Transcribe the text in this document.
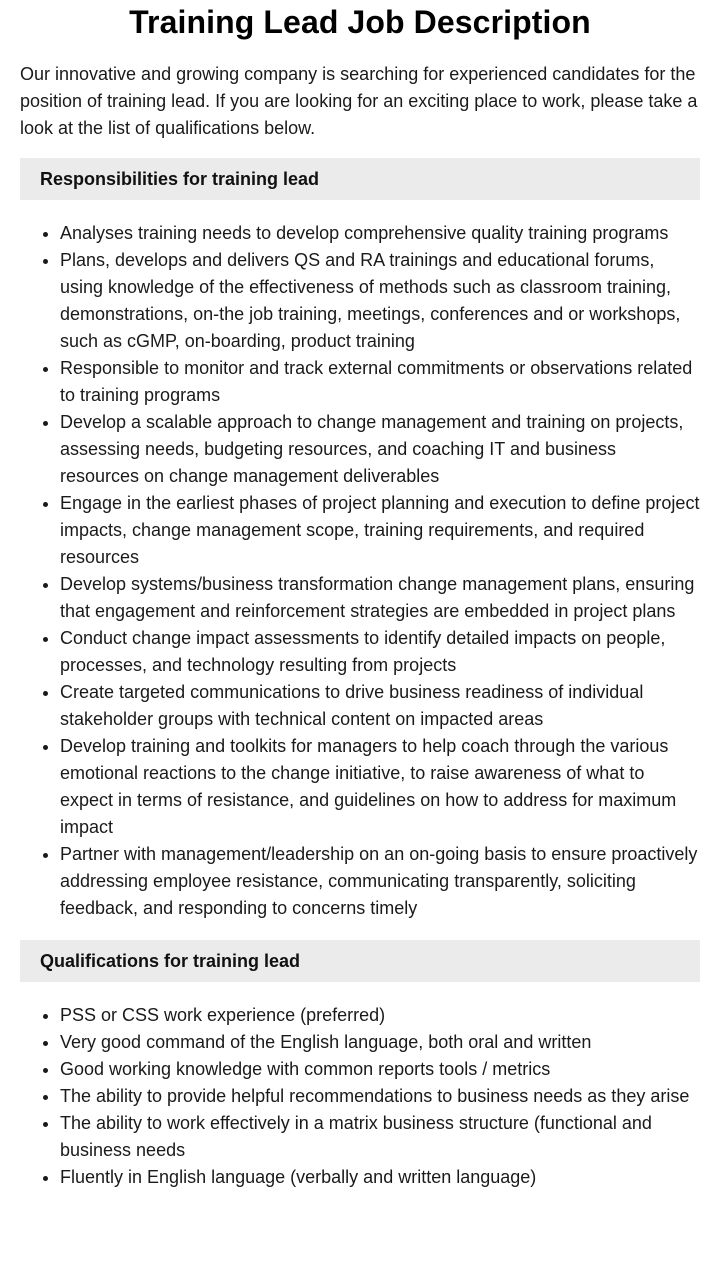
Training Lead Job Description

Our innovative and growing company is searching for experienced candidates for the position of training lead. If you are looking for an exciting place to work, please take a look at the list of qualifications below.

Responsibilities for training lead
• Analyses training needs to develop comprehensive quality training programs
• Plans, develops and delivers QS and RA trainings and educational forums, using knowledge of the effectiveness of methods such as classroom training, demonstrations, on-the job training, meetings, conferences and or workshops, such as cGMP, on-boarding, product training
• Responsible to monitor and track external commitments or observations related to training programs
• Develop a scalable approach to change management and training on projects, assessing needs, budgeting resources, and coaching IT and business resources on change management deliverables
• Engage in the earliest phases of project planning and execution to define project impacts, change management scope, training requirements, and required resources
• Develop systems/business transformation change management plans, ensuring that engagement and reinforcement strategies are embedded in project plans
• Conduct change impact assessments to identify detailed impacts on people, processes, and technology resulting from projects
• Create targeted communications to drive business readiness of individual stakeholder groups with technical content on impacted areas
• Develop training and toolkits for managers to help coach through the various emotional reactions to the change initiative, to raise awareness of what to expect in terms of resistance, and guidelines on how to address for maximum impact
• Partner with management/leadership on an on-going basis to ensure proactively addressing employee resistance, communicating transparently, soliciting feedback, and responding to concerns timely
Qualifications for training lead
• PSS or CSS work experience (preferred)
• Very good command of the English language, both oral and written
• Good working knowledge with common reports tools / metrics
• The ability to provide helpful recommendations to business needs as they arise
• The ability to work effectively in a matrix business structure (functional and business needs
• Fluently in English language (verbally and written language)
